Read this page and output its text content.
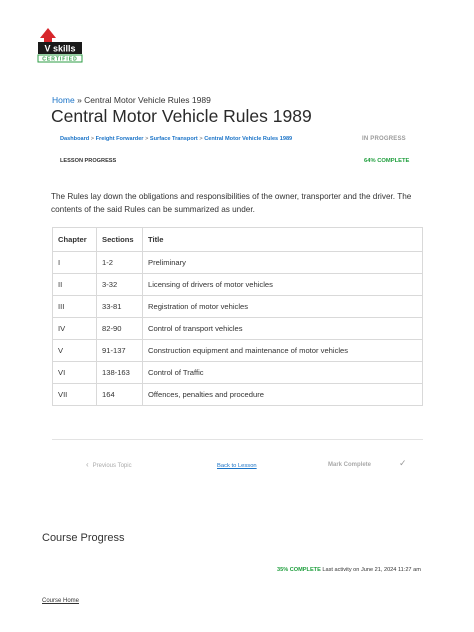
V skills
CERTIFIED
Home » Central Motor Vehicle Rules 1989
Central Motor Vehicle Rules 1989
Dashboard > Freight Forwarder > Surface Transport > Central Motor Vehicle Rules 1989	IN PROGRESS
LESSON PROGRESS	64% COMPLETE

The Rules lay down the obligations and responsibilities of the owner, transporter and the driver. The contents of the said Rules can be summarized as under.

Chapter	Sections	Title
I	1-2	Preliminary
II	3-32	Licensing of drivers of motor vehicles
III	33-81	Registration of motor vehicles
IV	82-90	Control of transport vehicles
V	91-137	Construction equipment and maintenance of motor vehicles
VI	138-163	Control of Traffic
VII	164	Offences, penalties and procedure
‹ Previous Topic	Back to Lesson	Mark Complete	✓
Course Progress
35% COMPLETE Last activity on June 21, 2024 11:27 am
Course Home
